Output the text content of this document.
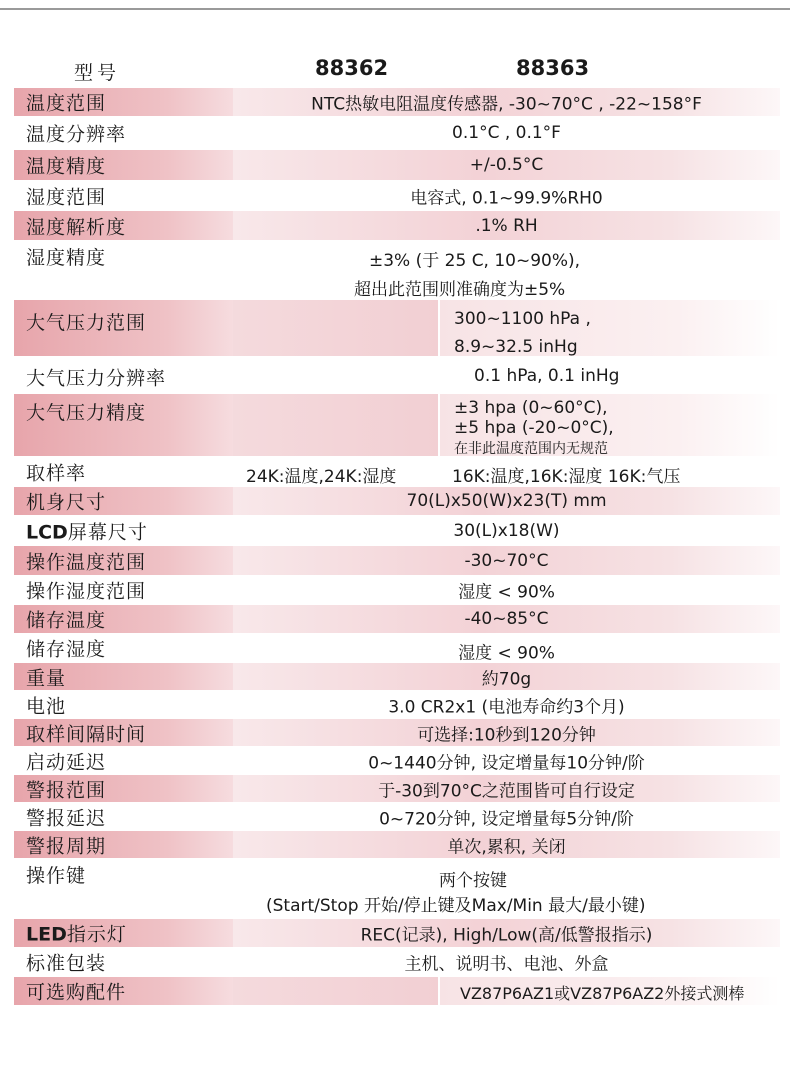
型号	88362	88363
温度范围	NTC热敏电阻温度传感器, -30~70°C , -22~158°F
温度分辨率	0.1°C , 0.1°F
温度精度	+/-0.5°C
湿度范围	电容式, 0.1~99.9%RH0
湿度解析度	.1% RH
湿度精度	±3% (于 25 C, 10~90%),
超出此范围则准确度为±5%
大气压力范围	300~1100 hPa ,
8.9~32.5 inHg
大气压力分辨率	0.1 hPa, 0.1 inHg
大气压力精度	±3 hpa (0~60°C),
±5 hpa (-20~0°C),
在非此温度范围内无规范
取样率	24K:温度,24K:湿度	16K:温度,16K:湿度 16K:气压
机身尺寸	70(L)x50(W)x23(T) mm
LCD屏幕尺寸	30(L)x18(W)
操作温度范围	-30~70°C
操作湿度范围	湿度 < 90%
储存温度	-40~85°C
储存湿度	湿度 < 90%
重量	約70g
电池	3.0 CR2x1 (电池寿命约3个月)
取样间隔时间	可选择:10秒到120分钟
启动延迟	0~1440分钟, 设定增量每10分钟/阶
警报范围	于-30到70°C之范围皆可自行设定
警报延迟	0~720分钟, 设定增量每5分钟/阶
警报周期	单次,累积, 关闭
操作键	两个按键
(Start/Stop 开始/停止键及Max/Min 最大/最小键)
LED指示灯	REC(记录), High/Low(高/低警报指示)
标准包装	主机、说明书、电池、外盒
可选购配件	VZ87P6AZ1或VZ87P6AZ2外接式测棒
